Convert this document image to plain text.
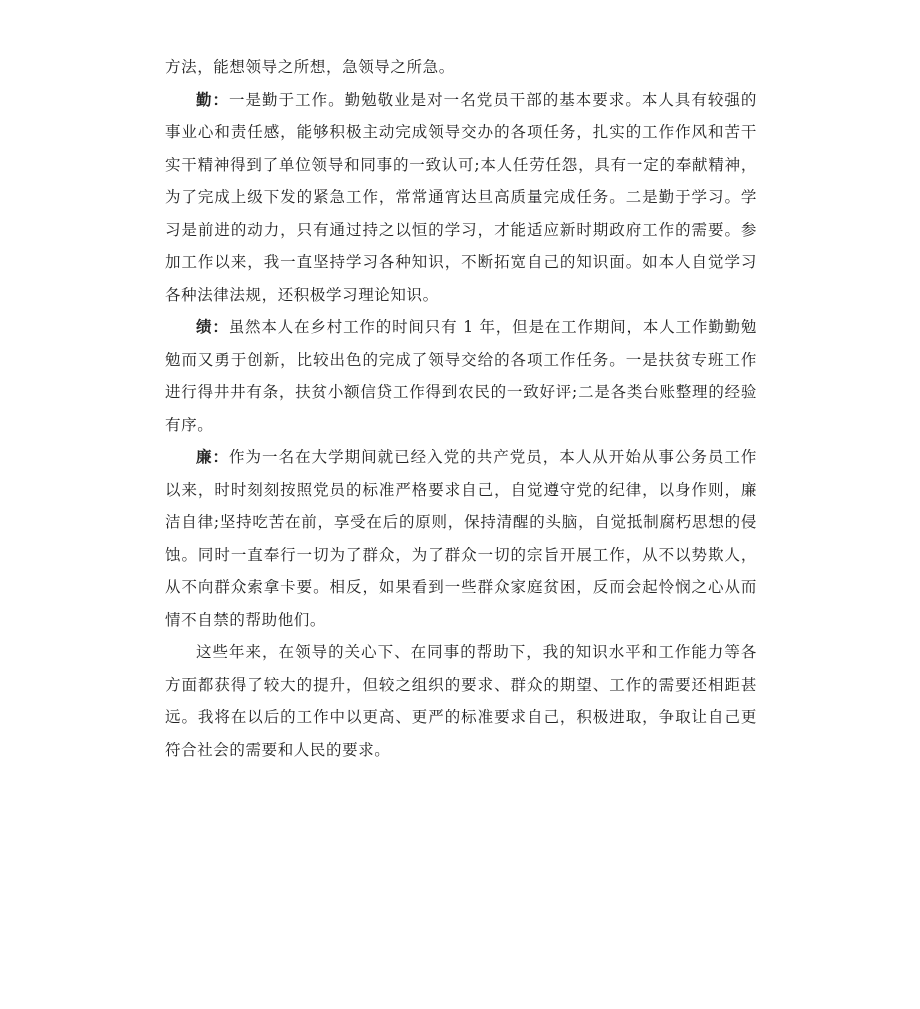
方法，能想领导之所想，急领导之所急。

勤：一是勤于工作。勤勉敬业是对一名党员干部的基本要求。本人具有较强的事业心和责任感，能够积极主动完成领导交办的各项任务，扎实的工作作风和苦干实干精神得到了单位领导和同事的一致认可;本人任劳任怨，具有一定的奉献精神，为了完成上级下发的紧急工作，常常通宵达旦高质量完成任务。二是勤于学习。学习是前进的动力，只有通过持之以恒的学习，才能适应新时期政府工作的需要。参加工作以来，我一直坚持学习各种知识，不断拓宽自己的知识面。如本人自觉学习各种法律法规，还积极学习理论知识。

绩：虽然本人在乡村工作的时间只有 1 年，但是在工作期间，本人工作勤勤勉勉而又勇于创新，比较出色的完成了领导交给的各项工作任务。一是扶贫专班工作进行得井井有条，扶贫小额信贷工作得到农民的一致好评;二是各类台账整理的经验有序。

廉：作为一名在大学期间就已经入党的共产党员，本人从开始从事公务员工作以来，时时刻刻按照党员的标准严格要求自己，自觉遵守党的纪律，以身作则，廉洁自律;坚持吃苦在前，享受在后的原则，保持清醒的头脑，自觉抵制腐朽思想的侵蚀。同时一直奉行一切为了群众，为了群众一切的宗旨开展工作，从不以势欺人，从不向群众索拿卡要。相反，如果看到一些群众家庭贫困，反而会起怜悯之心从而情不自禁的帮助他们。

这些年来，在领导的关心下、在同事的帮助下，我的知识水平和工作能力等各方面都获得了较大的提升，但较之组织的要求、群众的期望、工作的需要还相距甚远。我将在以后的工作中以更高、更严的标准要求自己，积极进取，争取让自己更符合社会的需要和人民的要求。
